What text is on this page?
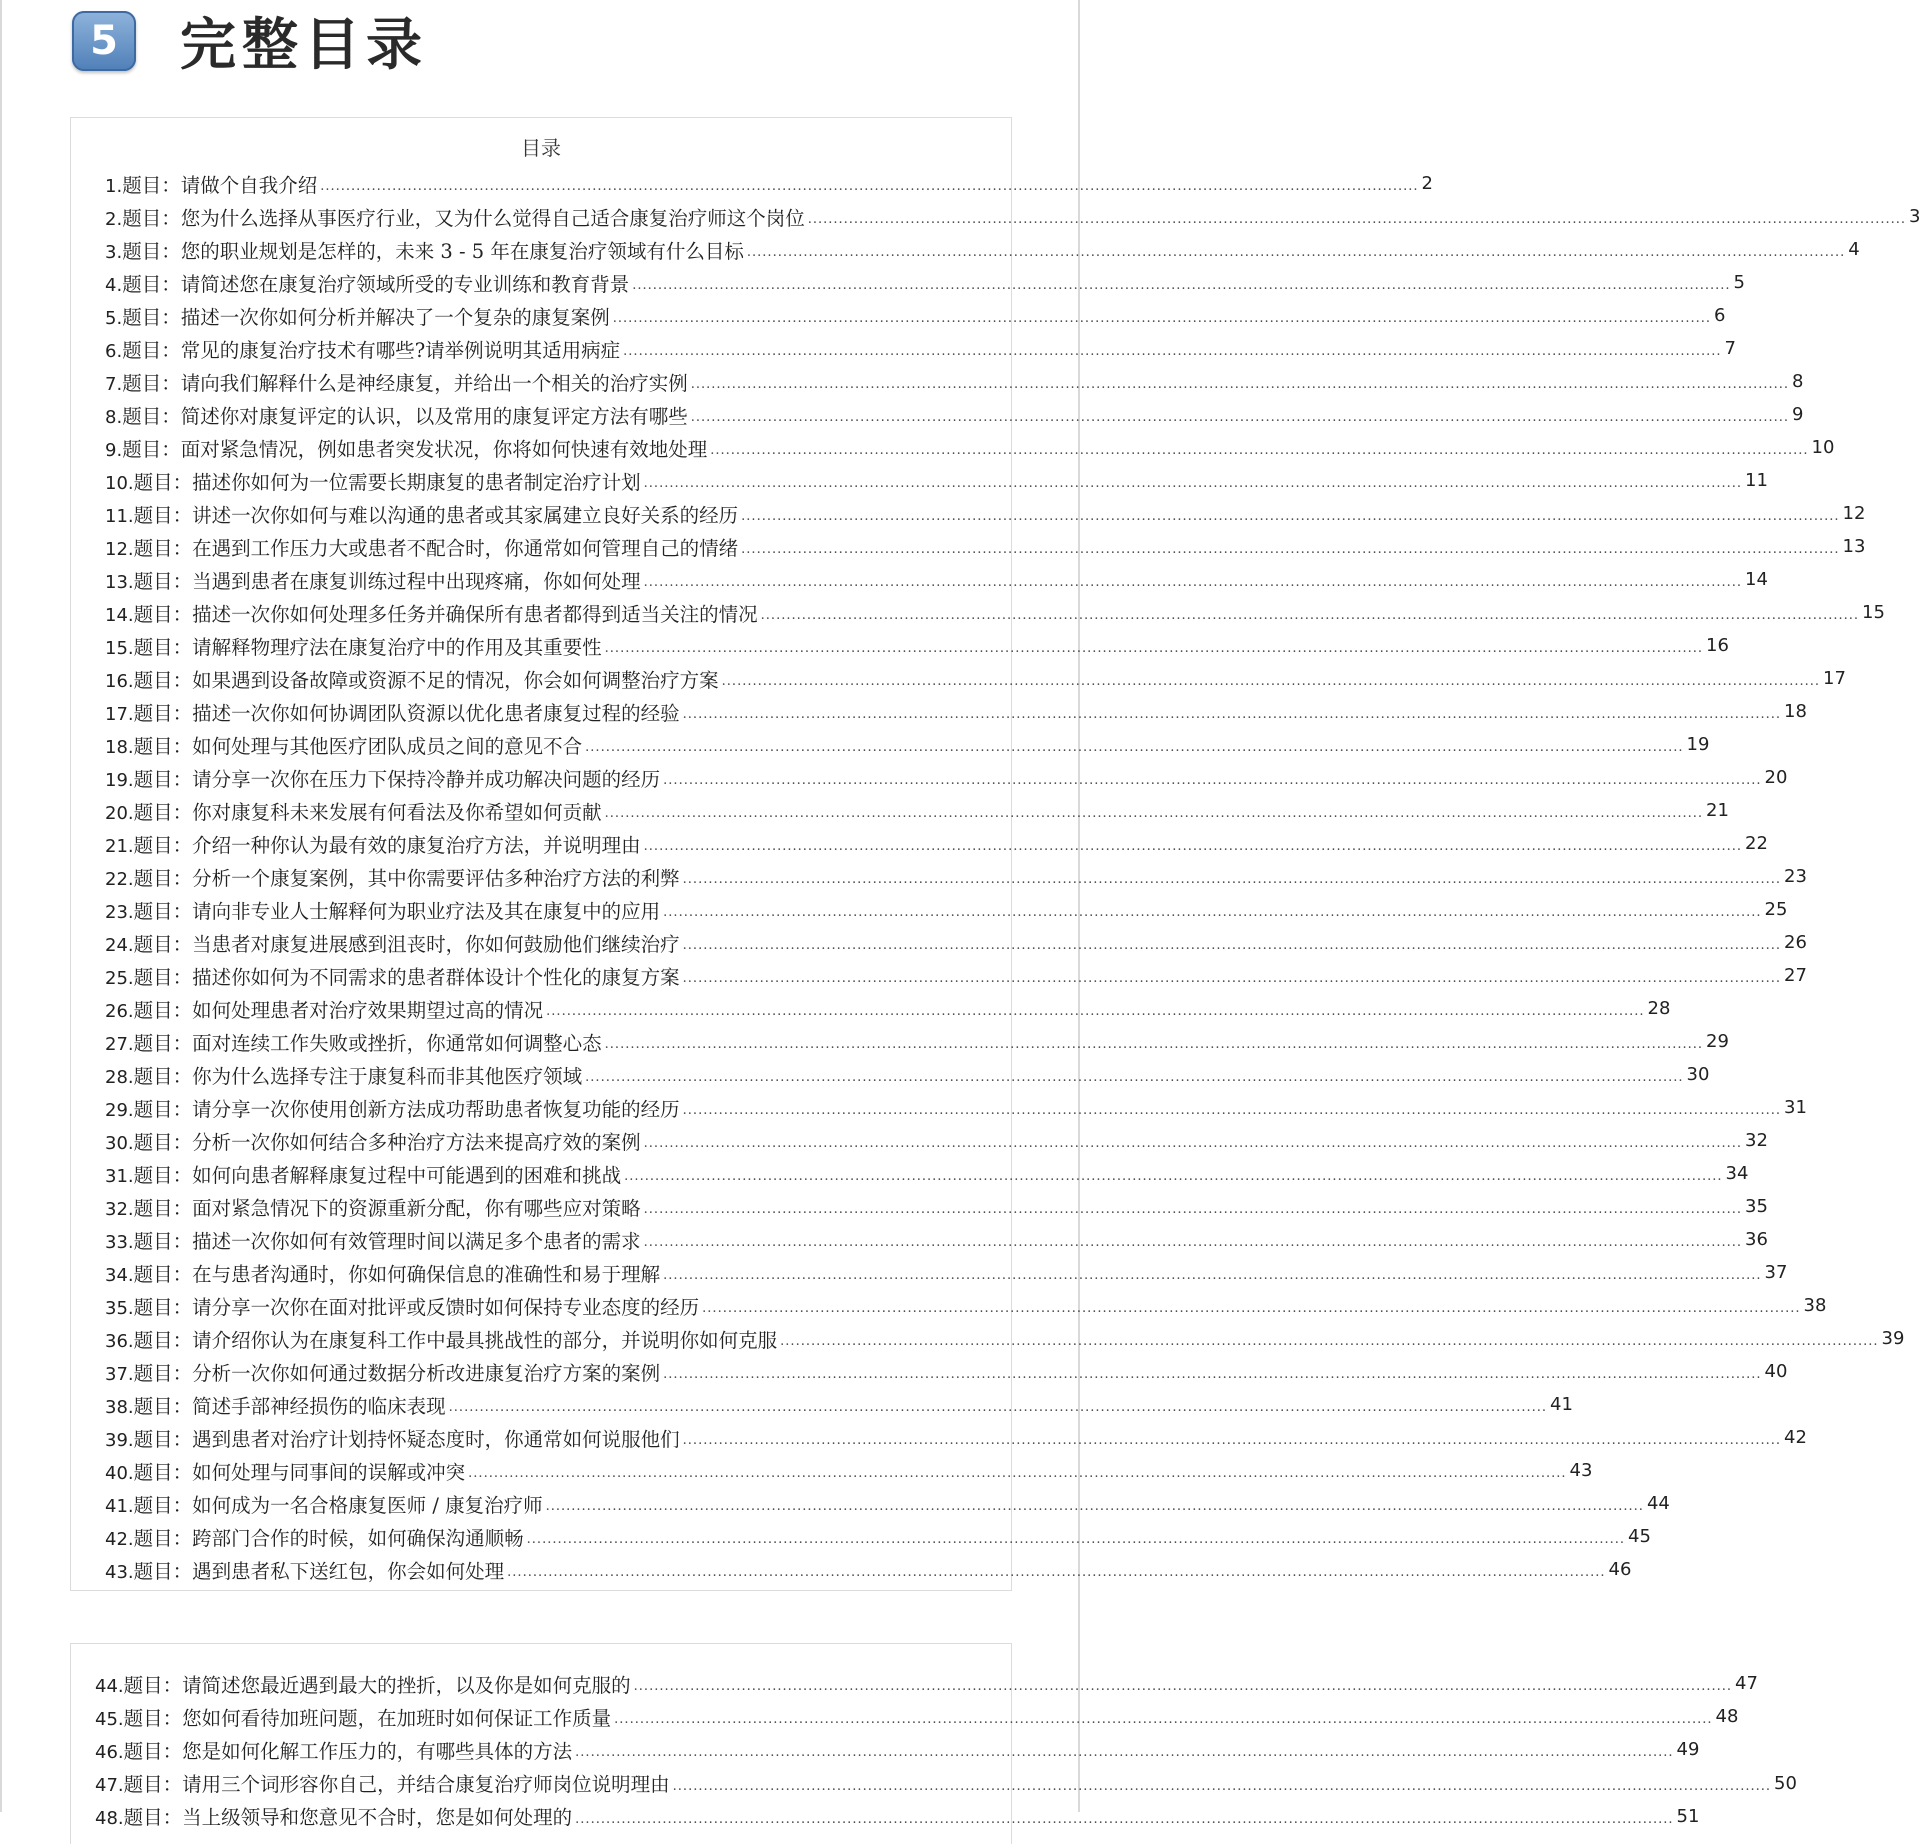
5	完整目录
目录
1.题目： 请做个自我介绍 .....	2
2.题目： 您为什么选择从事医疗行业，又为什么觉得自己适合康复治疗师这个岗位 .....	3
3.题目： 您的职业规划是怎样的，未来 3 - 5 年在康复治疗领域有什么目标 .....	4
4.题目： 请简述您在康复治疗领域所受的专业训练和教育背景 .....	5
5.题目： 描述一次你如何分析并解决了一个复杂的康复案例 .....	6
6.题目： 常见的康复治疗技术有哪些?请举例说明其适用病症 .....	7
7.题目： 请向我们解释什么是神经康复，并给出一个相关的治疗实例 .....	8
8.题目： 简述你对康复评定的认识，以及常用的康复评定方法有哪些 .....	9
9.题目： 面对紧急情况，例如患者突发状况，你将如何快速有效地处理 .....	10
10.题目： 描述你如何为一位需要长期康复的患者制定治疗计划 .....	11
11.题目： 讲述一次你如何与难以沟通的患者或其家属建立良好关系的经历 .....	12
12.题目： 在遇到工作压力大或患者不配合时，你通常如何管理自己的情绪 .....	13
13.题目： 当遇到患者在康复训练过程中出现疼痛，你如何处理 .....	14
14.题目： 描述一次你如何处理多任务并确保所有患者都得到适当关注的情况 .....	15
15.题目： 请解释物理疗法在康复治疗中的作用及其重要性 .....	16
16.题目： 如果遇到设备故障或资源不足的情况，你会如何调整治疗方案 .....	17
17.题目： 描述一次你如何协调团队资源以优化患者康复过程的经验 .....	18
18.题目： 如何处理与其他医疗团队成员之间的意见不合 .....	19
19.题目： 请分享一次你在压力下保持冷静并成功解决问题的经历 .....	20
20.题目： 你对康复科未来发展有何看法及你希望如何贡献 .....	21
21.题目： 介绍一种你认为最有效的康复治疗方法，并说明理由 .....	22
22.题目： 分析一个康复案例，其中你需要评估多种治疗方法的利弊 .....	23
23.题目： 请向非专业人士解释何为职业疗法及其在康复中的应用 .....	25
24.题目： 当患者对康复进展感到沮丧时，你如何鼓励他们继续治疗 .....	26
25.题目： 描述你如何为不同需求的患者群体设计个性化的康复方案 .....	27
26.题目： 如何处理患者对治疗效果期望过高的情况 .....	28
27.题目： 面对连续工作失败或挫折，你通常如何调整心态 .....	29
28.题目： 你为什么选择专注于康复科而非其他医疗领域 .....	30
29.题目： 请分享一次你使用创新方法成功帮助患者恢复功能的经历 .....	31
30.题目： 分析一次你如何结合多种治疗方法来提高疗效的案例 .....	32
31.题目： 如何向患者解释康复过程中可能遇到的困难和挑战 .....	34
32.题目： 面对紧急情况下的资源重新分配，你有哪些应对策略 .....	35
33.题目： 描述一次你如何有效管理时间以满足多个患者的需求 .....	36
34.题目： 在与患者沟通时，你如何确保信息的准确性和易于理解 .....	37
35.题目： 请分享一次你在面对批评或反馈时如何保持专业态度的经历 .....	38
36.题目： 请介绍你认为在康复科工作中最具挑战性的部分，并说明你如何克服 .....	39
37.题目： 分析一次你如何通过数据分析改进康复治疗方案的案例 .....	40
38.题目： 简述手部神经损伤的临床表现 .....	41
39.题目： 遇到患者对治疗计划持怀疑态度时，你通常如何说服他们 .....	42
40.题目： 如何处理与同事间的误解或冲突 .....	43
41.题目： 如何成为一名合格康复医师 / 康复治疗师 .....	44
42.题目： 跨部门合作的时候，如何确保沟通顺畅 .....	45
43.题目： 遇到患者私下送红包，你会如何处理 .....	46
44.题目： 请简述您最近遇到最大的挫折，以及你是如何克服的 .....	47
45.题目： 您如何看待加班问题，在加班时如何保证工作质量 .....	48
46.题目： 您是如何化解工作压力的，有哪些具体的方法 .....	49
47.题目： 请用三个词形容你自己，并结合康复治疗师岗位说明理由 .....	50
48.题目： 当上级领导和您意见不合时，您是如何处理的 .....	51
